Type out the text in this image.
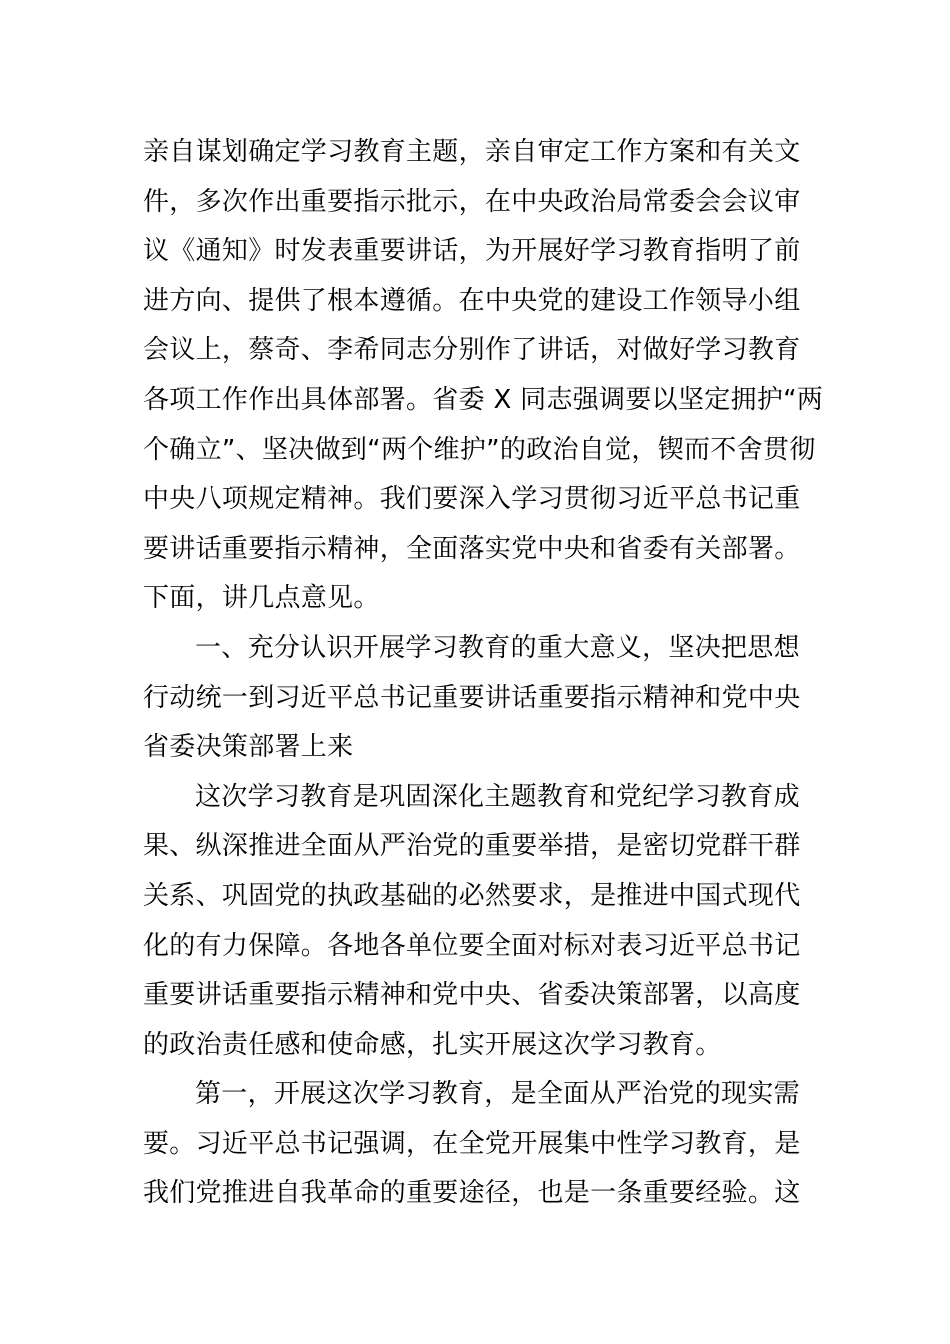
亲自谋划确定学习教育主题，亲自审定工作方案和有关文
件，多次作出重要指示批示，在中央政治局常委会会议审
议《通知》时发表重要讲话，为开展好学习教育指明了前
进方向、提供了根本遵循。在中央党的建设工作领导小组
会议上，蔡奇、李希同志分别作了讲话，对做好学习教育
各项工作作出具体部署。省委 X 同志强调要以坚定拥护“两
个确立”、坚决做到“两个维护”的政治自觉，锲而不舍贯彻
中央八项规定精神。我们要深入学习贯彻习近平总书记重
要讲话重要指示精神，全面落实党中央和省委有关部署。
下面，讲几点意见。
一、充分认识开展学习教育的重大意义，坚决把思想
行动统一到习近平总书记重要讲话重要指示精神和党中央
省委决策部署上来
这次学习教育是巩固深化主题教育和党纪学习教育成
果、纵深推进全面从严治党的重要举措，是密切党群干群
关系、巩固党的执政基础的必然要求，是推进中国式现代
化的有力保障。各地各单位要全面对标对表习近平总书记
重要讲话重要指示精神和党中央、省委决策部署，以高度
的政治责任感和使命感，扎实开展这次学习教育。
第一，开展这次学习教育，是全面从严治党的现实需
要。习近平总书记强调，在全党开展集中性学习教育，是
我们党推进自我革命的重要途径，也是一条重要经验。这
